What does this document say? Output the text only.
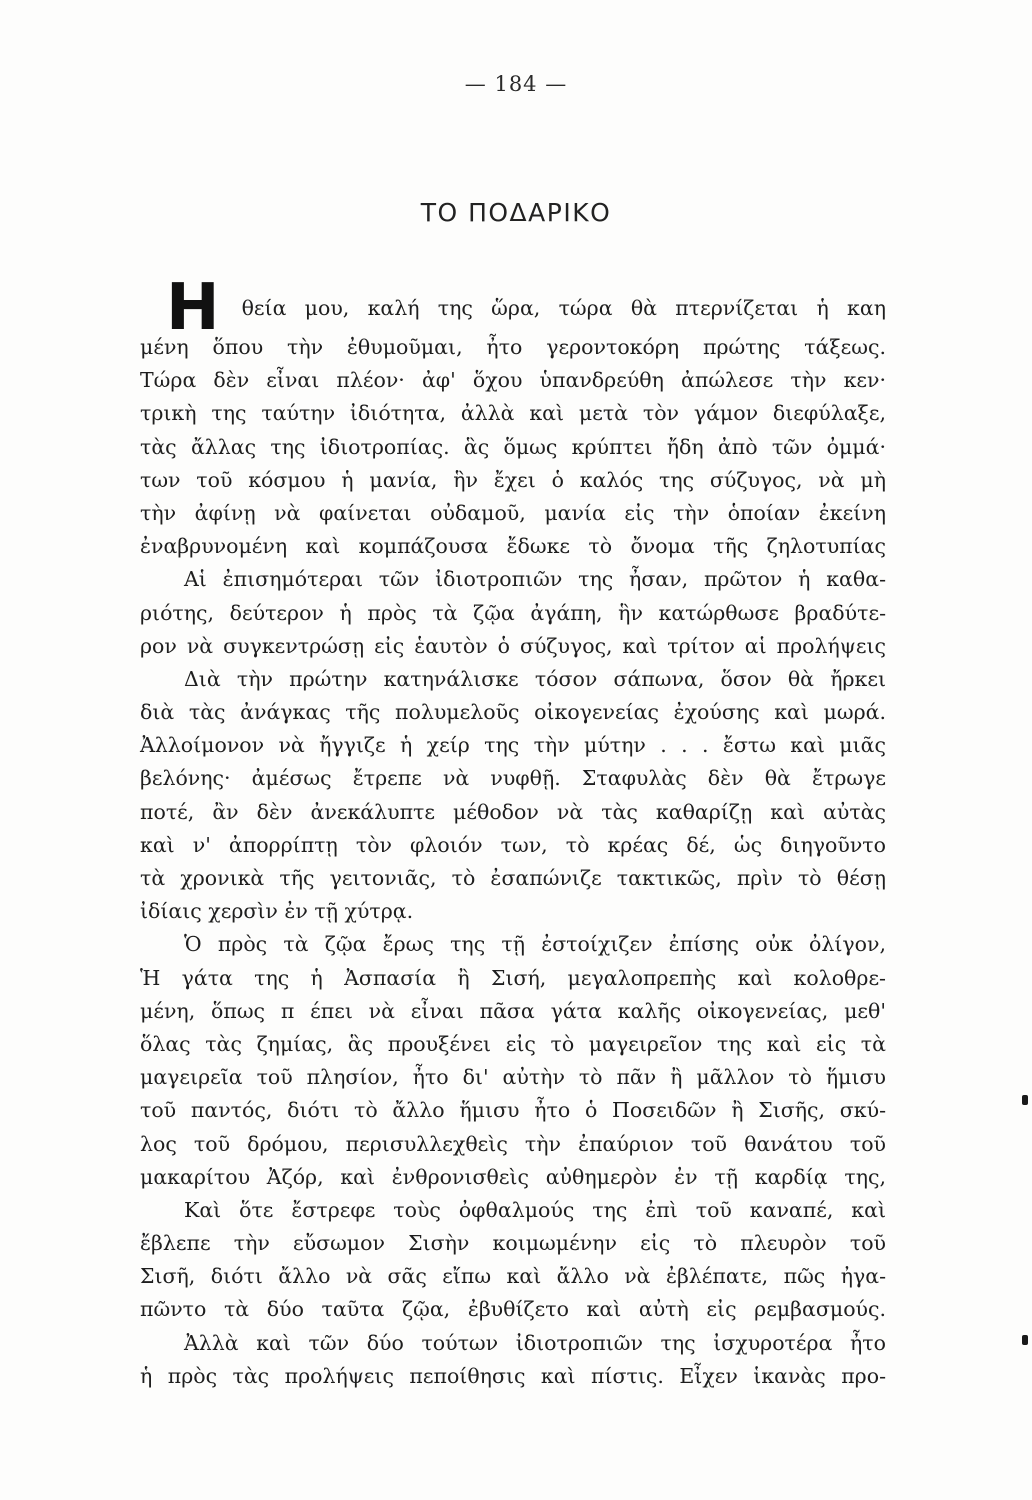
— 184 —
ΤΟ ΠΟΔΑΡΙΚΟ
Η θεία μου, καλή της ὥρα, τώρα θὰ πτερνίζεται ἡ καη
μένη ὅπου τὴν ἐθυμοῦμαι, ἦτο γεροντοκόρη πρώτης τάξεως.
Τώρα δὲν εἶναι πλέον· ἀφ' ὅχου ὑπανδρεύθη ἀπώλεσε τὴν κεν·
τρικὴ της ταύτην ἰδιότητα, ἀλλὰ καὶ μετὰ τὸν γάμον διεφύλαξε,
τὰς ἄλλας της ἰδιοτροπίας. ἃς ὅμως κρύπτει ἤδη ἀπὸ τῶν ὀμμά·
των τοῦ κόσμου ἡ μανία, ἣν ἔχει ὁ καλός της σύζυγος, νὰ μὴ
τὴν ἀφίνῃ νὰ φαίνεται οὐδαμοῦ, μανία εἰς τὴν ὁποίαν ἐκείνη
ἐναβρυνομένη καὶ κομπάζουσα ἔδωκε τὸ ὄνομα τῆς ζηλοτυπίας
Αἱ ἐπισημότεραι τῶν ἰδιοτροπιῶν της ἦσαν, πρῶτον ἡ καθα-
ριότης, δεύτερον ἡ πρὸς τὰ ζῷα ἀγάπη, ἣν κατώρθωσε βραδύτε-
ρον νὰ συγκεντρώσῃ εἰς ἑαυτὸν ὁ σύζυγος, καὶ τρίτον αἱ προλήψεις
Διὰ τὴν πρώτην κατηνάλισκε τόσον σάπωνα, ὅσον θὰ ἤρκει
διὰ τὰς ἀνάγκας τῆς πολυμελοῦς οἰκογενείας ἐχούσης καὶ μωρά.
Ἀλλοίμονον νὰ ἤγγιζε ἡ χείρ της τὴν μύτην . . . ἔστω καὶ μιᾶς
βελόνης· ἀμέσως ἔτρεπε νὰ νυφθῇ. Σταφυλὰς δὲν θὰ ἔτρωγε
ποτέ, ἂν δὲν ἀνεκάλυπτε μέθοδον νὰ τὰς καθαρίζῃ καὶ αὐτὰς
καὶ ν' ἀπορρίπτῃ τὸν φλοιόν των, τὸ κρέας δέ, ὡς διηγοῦντο
τὰ χρονικὰ τῆς γειτονιᾶς, τὸ ἐσαπώνιζε τακτικῶς, πρὶν τὸ θέσῃ
ἰδίαις χερσὶν ἐν τῇ χύτρᾳ.
Ὁ πρὸς τὰ ζῷα ἔρως της τῇ ἐστοίχιζεν ἐπίσης οὐκ ὀλίγον,
Ἡ γάτα της ἡ Ἀσπασία ἢ Σισή, μεγαλοπρεπὴς καὶ κολοθρε-
μένη, ὅπως π έπει νὰ εἶναι πᾶσα γάτα καλῆς οἰκογενείας, μεθ'
ὅλας τὰς ζημίας, ἃς προυξένει εἰς τὸ μαγειρεῖον της καὶ εἰς τὰ
μαγειρεῖα τοῦ πλησίον, ἦτο δι' αὐτὴν τὸ πᾶν ἢ μᾶλλον τὸ ἥμισυ
τοῦ παντός, διότι τὸ ἄλλο ἥμισυ ἦτο ὁ Ποσειδῶν ἢ Σισῆς, σκύ-
λος τοῦ δρόμου, περισυλλεχθεὶς τὴν ἐπαύριον τοῦ θανάτου τοῦ
μακαρίτου Ἀζόρ, καὶ ἐνθρονισθεὶς αὐθημερὸν ἐν τῇ καρδίᾳ της,
Καὶ ὅτε ἔστρεφε τοὺς ὀφθαλμούς της ἐπὶ τοῦ καναπέ, καὶ
ἔβλεπε τὴν εὔσωμον Σισὴν κοιμωμένην εἰς τὸ πλευρὸν τοῦ
Σισῆ, διότι ἄλλο νὰ σᾶς εἴπω καὶ ἄλλο νὰ ἐβλέπατε, πῶς ἠγα-
πῶντο τὰ δύο ταῦτα ζῷα, ἐβυθίζετο καὶ αὐτὴ εἰς ρεμβασμούς.
Ἀλλὰ καὶ τῶν δύο τούτων ἰδιοτροπιῶν της ἰσχυροτέρα ἦτο
ἡ πρὸς τὰς προλήψεις πεποίθησις καὶ πίστις. Εἶχεν ἱκανὰς προ-
